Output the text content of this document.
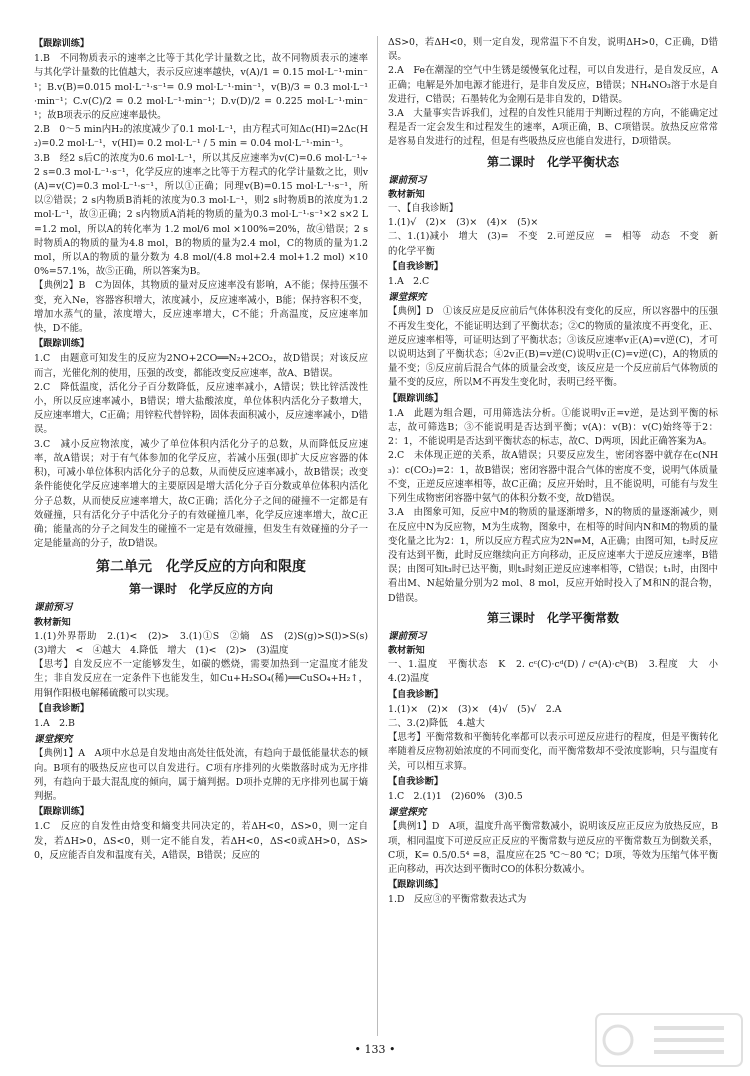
【跟踪训练】
1.B　不同物质表示的速率之比等于其化学计量数之比，故不同物质表示的速率与其化学计量数的比值越大，表示反应速率越快，v(A)/1 = 0.15 mol·L⁻¹·min⁻¹；B.v(B)=0.015 mol·L⁻¹·s⁻¹= 0.9 mol·L⁻¹·min⁻¹，v(B)/3 = 0.3 mol·L⁻¹·min⁻¹；C.v(C)/2 = 0.2 mol·L⁻¹·min⁻¹；D.v(D)/2 = 0.225 mol·L⁻¹·min⁻¹；故B项表示的反应速率最快。
2.B　0～5 min内H₂的浓度减少了0.1 mol·L⁻¹，由方程式可知Δc(HI)=2Δc(H₂)=0.2 mol·L⁻¹，v(HI)= 0.2 mol·L⁻¹ / 5 min = 0.04 mol·L⁻¹·min⁻¹。
3.B　经2 s后C的浓度为0.6 mol·L⁻¹，所以其反应速率为v(C)=0.6 mol·L⁻¹÷2 s=0.3 mol·L⁻¹·s⁻¹，化学反应的速率之比等于方程式的化学计量数之比，则v(A)=v(C)=0.3 mol·L⁻¹·s⁻¹，所以①正确；同理v(B)=0.15 mol·L⁻¹·s⁻¹，所以②错误；2 s内物质B消耗的浓度为0.3 mol·L⁻¹，则2 s时物质B的浓度为1.2 mol·L⁻¹，故③正确；2 s内物质A消耗的物质的量为0.3 mol·L⁻¹·s⁻¹×2 s×2 L=1.2 mol，所以A的转化率为 1.2 mol/6 mol ×100%=20%，故④错误；2 s时物质A的物质的量为4.8 mol，B的物质的量为2.4 mol，C的物质的量为1.2 mol，所以A的物质的量分数为 4.8 mol/(4.8 mol+2.4 mol+1.2 mol) ×100%=57.1%，故⑤正确，所以答案为B。
【典例2】B　C为固体，其物质的量对反应速率没有影响，A不能；保持压强不变，充入Ne，容器容积增大，浓度减小，反应速率减小，B能；保持容积不变，增加水蒸气的量，浓度增大，反应速率增大，C不能；升高温度，反应速率加快，D不能。
【跟踪训练】
1.C　由题意可知发生的反应为2NO+2CO══N₂+2CO₂，故D错误；对该反应而言，光催化剂的使用，压强的改变，都能改变反应速率，故A、B错误。
2.C　降低温度，活化分子百分数降低，反应速率减小，A错误；铁比锌活泼性小，所以反应速率减小，B错误；增大盐酸浓度，单位体积内活化分子数增大，反应速率增大，C正确；用锌粒代替锌粉，固体表面积减小，反应速率减小，D错误。
3.C　减小反应物浓度，减少了单位体积内活化分子的总数，从而降低反应速率，故A错误；对于有气体参加的化学反应，若减小压强(即扩大反应容器的体积)，可减小单位体积内活化分子的总数，从而使反应速率减小，故B错误；改变条件能使化学反应速率增大的主要原因是增大活化分子百分数或单位体积内活化分子总数，从而使反应速率增大，故C正确；活化分子之间的碰撞不一定都是有效碰撞，只有活化分子中活化分子的有效碰撞几率，化学反应速率增大，故C正确；能量高的分子之间发生的碰撞不一定是有效碰撞，但发生有效碰撞的分子一定是能量高的分子，故D错误。
第二单元　化学反应的方向和限度
第一课时　化学反应的方向
课前预习
教材新知
1.(1)外界帮助　2.(1)<　(2)>　3.(1)①S　②熵　ΔS　(2)S(g)>S(l)>S(s)　(3)增大　<　④越大　4.降低　增大　(1)<　(2)>　(3)温度
【思考】自发反应不一定能够发生，如碳的燃烧，需要加热到一定温度才能发生；非自发反应在一定条件下也能发生，如Cu+H₂SO₄(稀)══CuSO₄+H₂↑，用铜作阳极电解稀硫酸可以实现。
【自我诊断】
1.A　2.B
课堂探究
【典例1】A　A项中水总是自发地由高处往低处流，有趋向于最低能量状态的倾向。B项有的吸热反应也可以自发进行。C项有序排列的火柴散落时成为无序排列，有趋向于最大混乱度的倾向，属于熵判据。D项扑克牌的无序排列也属于熵判据。
【跟踪训练】
1.C　反应的自发性由焓变和熵变共同决定的，若ΔH<0，ΔS>0，则一定自发，若ΔH>0，ΔS<0，则一定不能自发，若ΔH<0，ΔS<0或ΔH>0，ΔS>0，反应能否自发和温度有关，A错误，B错误；反应的
ΔS>0，若ΔH<0，则一定自发，现常温下不自发，说明ΔH>0，C正确，D错误。
2.A　Fe在潮湿的空气中生锈是缓慢氧化过程，可以自发进行，是自发反应，A正确；电解是外加电源才能进行，是非自发反应，B错误；NH₄NO₃溶于水是自发进行，C错误；石墨转化为金刚石是非自发的，D错误。
3.A　大量事实告诉我们，过程的自发性只能用于判断过程的方向，不能确定过程是否一定会发生和过程发生的速率，A项正确，B、C项错误。放热反应常常是容易自发进行的过程，但是有些吸热反应也能自发进行，D项错误。
第二课时　化学平衡状态
课前预习
教材新知
一、【自我诊断】
1.(1)√　(2)×　(3)×　(4)×　(5)×
二、1.(1)减小　增大　(3)=　不变　2.可逆反应　=　相等　动态　不变　新的化学平衡
【自我诊断】
1.A　2.C
课堂探究
【典例】D　①该反应是反应前后气体体积没有变化的反应，所以容器中的压强不再发生变化，不能证明达到了平衡状态；②C的物质的量浓度不再变化，正、逆反应速率相等，可证明达到了平衡状态；③该反应速率v正(A)=v逆(C)，才可以说明达到了平衡状态；④2v正(B)=v逆(C)说明v正(C)=v逆(C)，A的物质的量不变；⑤反应前后混合气体的质量会改变，该反应是一个反应前后气体物质的量不变的反应，所以M不再发生变化时，表明已经平衡。
【跟踪训练】
1.A　此题为组合题，可用筛选法分析。①能说明v正=v逆，是达到平衡的标志，故可筛选B；③不能说明是否达到平衡；v(A)：v(B)：v(C)始终等于2：2：1，不能说明是否达到平衡状态的标志，故C、D两项，因此正确答案为A。
2.C　未体现正逆的关系，故A错误；只要反应发生，密闭容器中就存在c(NH₃)：c(CO₂)=2：1，故B错误；密闭容器中混合气体的密度不变，说明气体质量不变，正逆反应速率相等，故C正确；反应开始时，且不能说明，可能有与发生下列生成物密闭容器中氨气的体积分数不变，故D错误。
3.A　由图象可知，反应中M的物质的量逐渐增多，N的物质的量逐渐减少，则在反应中N为反应物，M为生成物，图象中，在相等的时间内N和M的物质的量变化量之比为2：1，所以反应方程式应为2N⇌M，A正确；由图可知，t₂时反应没有达到平衡，此时反应继续向正方向移动，正反应速率大于逆反应速率，B错误；由图可知t₃时已达平衡，则t₃时刻正逆反应速率相等，C错误；t₁时，由图中看出M、N起始量分别为2 mol、8 mol，反应开始时投入了M和N的混合物，D错误。
第三课时　化学平衡常数
课前预习
教材新知
一、1.温度　平衡状态　K　2. cᶜ(C)·cᵈ(D) / cᵃ(A)·cᵇ(B)　3.程度　大　小　4.(2)温度
【自我诊断】
1.(1)×　(2)×　(3)×　(4)√　(5)√　2.A
二、3.(2)降低　4.越大
【思考】平衡常数和平衡转化率都可以表示可逆反应进行的程度，但是平衡转化率随着反应物初始浓度的不同而变化，而平衡常数却不受浓度影响，只与温度有关，可以相互求算。
【自我诊断】
1.C　2.(1)1　(2)60%　(3)0.5
课堂探究
【典例1】D　A项，温度升高平衡常数减小，说明该反应正反应为放热反应，B项，相同温度下可逆反应正反应的平衡常数与逆反应的平衡常数互为倒数关系，C项，K= 0.5/0.5⁴ =8，温度应在25 ℃～80 ℃；D项，等效为压缩气体平衡正向移动，再次达到平衡时CO的体积分数减小。
【跟踪训练】
1.D　反应③的平衡常数表达式为
• 133 •
